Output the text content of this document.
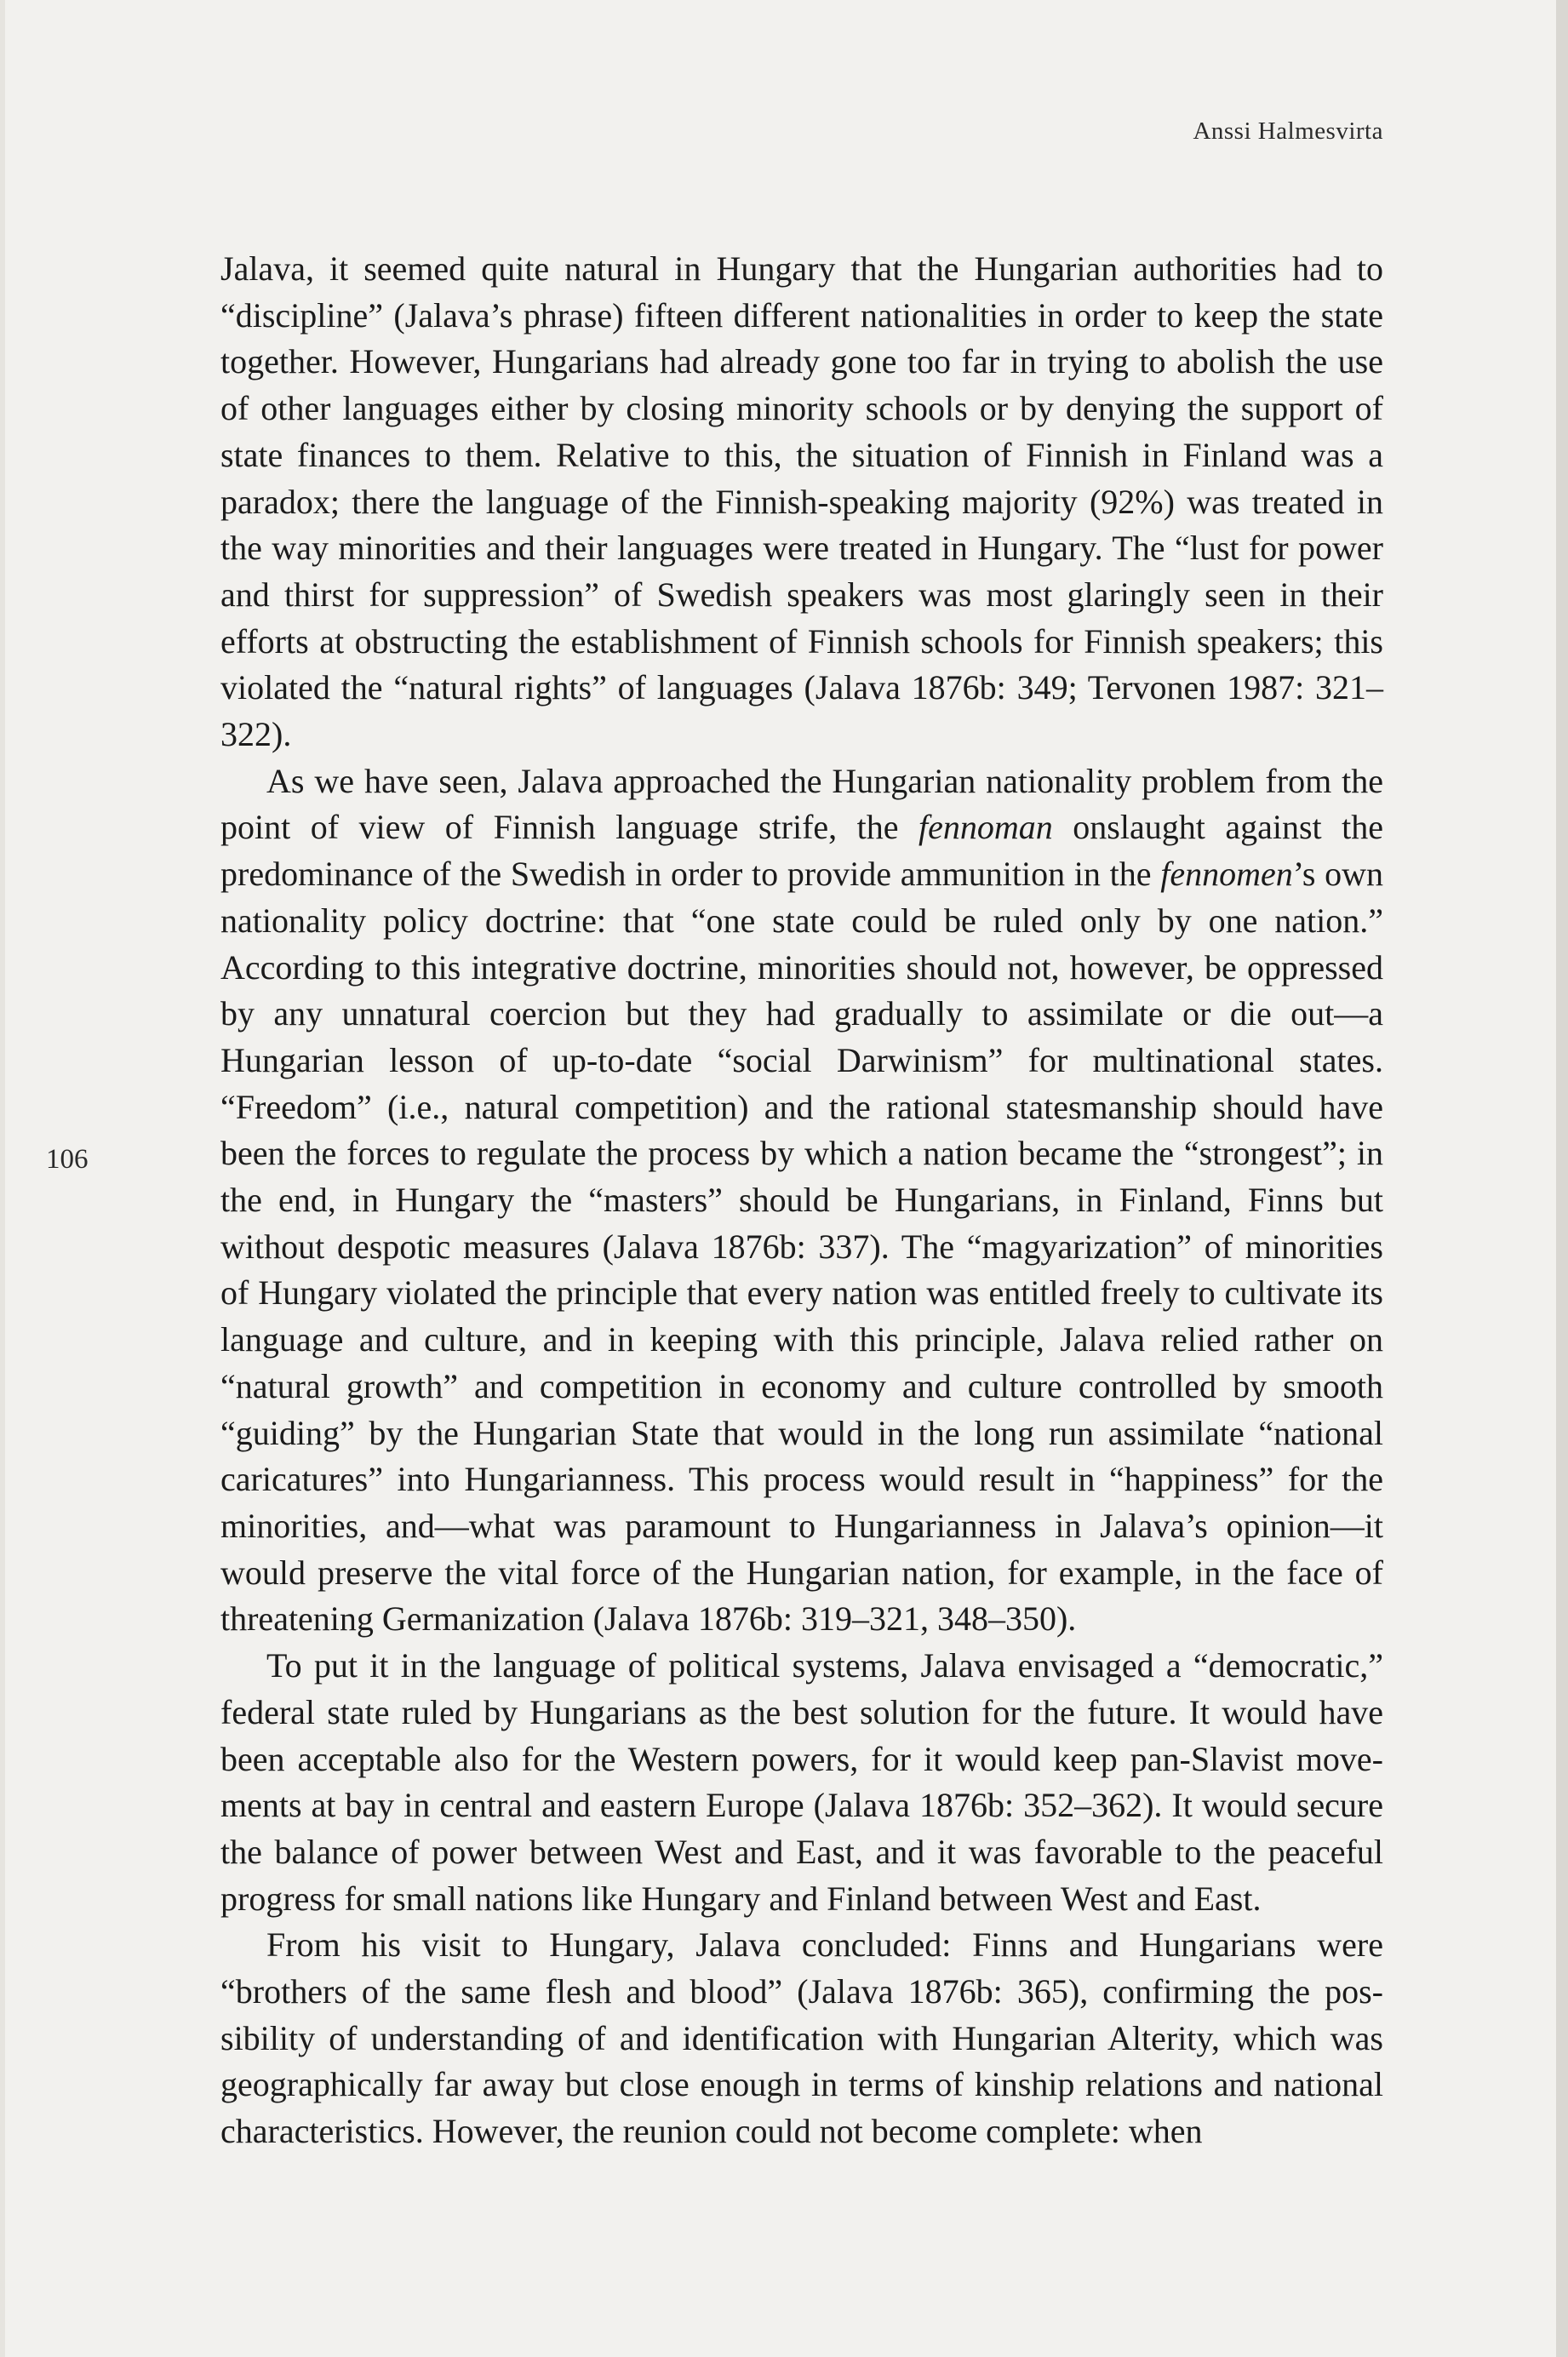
Anssi Halmesvirta
106

Jalava, it seemed quite natural in Hungary that the Hungarian authorities had to “discipline” (Jalava’s phrase) fifteen different nationalities in order to keep the state together. However, Hungarians had already gone too far in trying to abolish the use of other languages either by closing minority schools or by denying the support of state finances to them. Relative to this, the situation of Finnish in Finland was a paradox; there the language of the Finnish-speaking majority (92%) was treated in the way minorities and their languages were treated in Hungary. The “lust for power and thirst for suppression” of Swedish speakers was most glaringly seen in their efforts at obstructing the establishment of Finnish schools for Finnish speakers; this violated the “natural rights” of languages (Jalava 1876b: 349; Tervonen 1987: 321–322).

As we have seen, Jalava approached the Hungarian nationality problem from the point of view of Finnish language strife, the fennoman onslaught against the predominance of the Swedish in order to provide ammunition in the fennomen’s own nationality policy doctrine: that “one state could be ruled only by one nation.” According to this integrative doctrine, minorities should not, however, be oppressed by any unnatural coercion but they had gradually to assimilate or die out—a Hungarian lesson of up-to-date “social Darwinism” for multinational states. “Freedom” (i.e., natural competition) and the rational statesmanship should have been the forces to regulate the process by which a nation became the “strongest”; in the end, in Hungary the “masters” should be Hungarians, in Finland, Finns but without despotic measures (Jalava 1876b: 337). The “magyarization” of minorities of Hungary violated the principle that every nation was entitled freely to cultivate its language and culture, and in keeping with this principle, Jalava relied rather on “natural growth” and competition in economy and culture controlled by smooth “guiding” by the Hungarian State that would in the long run assimilate “national caricatures” into Hungarianness. This process would result in “happiness” for the minorities, and—what was paramount to Hungarianness in Jalava’s opinion—it would preserve the vital force of the Hungarian nation, for example, in the face of threatening Germanization (Jalava 1876b: 319–321, 348–350).

To put it in the language of political systems, Jalava envisaged a “democratic,” federal state ruled by Hungarians as the best solution for the future. It would have been acceptable also for the Western powers, for it would keep pan-Slavist movements at bay in central and eastern Europe (Jalava 1876b: 352–362). It would secure the balance of power between West and East, and it was favorable to the peaceful progress for small nations like Hungary and Finland between West and East.

From his visit to Hungary, Jalava concluded: Finns and Hungarians were “brothers of the same flesh and blood” (Jalava 1876b: 365), confirming the possibility of understanding of and identification with Hungarian Alterity, which was geographically far away but close enough in terms of kinship relations and national characteristics. However, the reunion could not become complete: when
